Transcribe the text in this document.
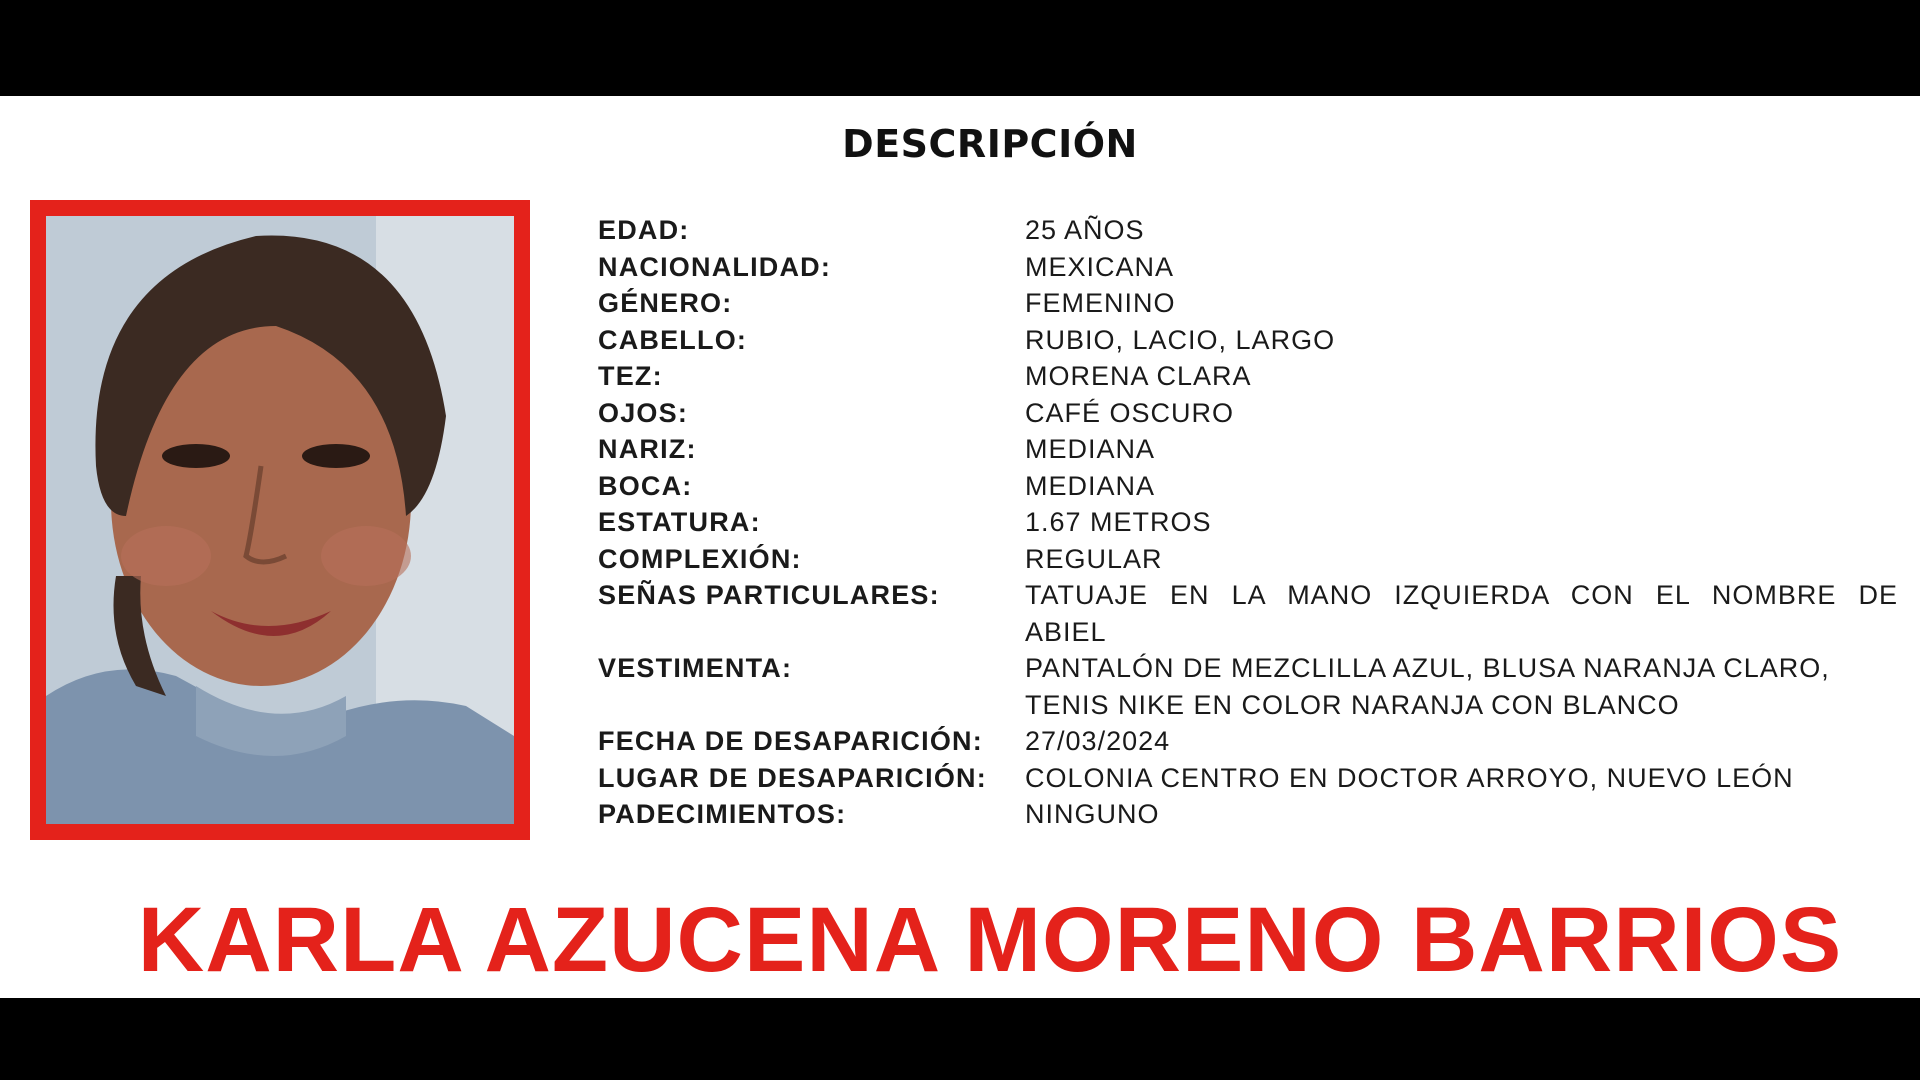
DESCRIPCIÓN
EDAD:	25 AÑOS
NACIONALIDAD:	MEXICANA
GÉNERO:	FEMENINO
CABELLO:	RUBIO, LACIO, LARGO
TEZ:	MORENA CLARA
OJOS:	CAFÉ OSCURO
NARIZ:	MEDIANA
BOCA:	MEDIANA
ESTATURA:	1.67 METROS
COMPLEXIÓN:	REGULAR
SEÑAS PARTICULARES:	TATUAJE EN LA MANO IZQUIERDA CON EL NOMBRE DE ABIEL
VESTIMENTA:	PANTALÓN DE MEZCLILLA AZUL, BLUSA NARANJA CLARO, TENIS NIKE EN COLOR NARANJA CON BLANCO
FECHA DE DESAPARICIÓN:	27/03/2024
LUGAR DE DESAPARICIÓN:	COLONIA CENTRO EN DOCTOR ARROYO, NUEVO LEÓN
PADECIMIENTOS:	NINGUNO
KARLA AZUCENA MORENO BARRIOS
